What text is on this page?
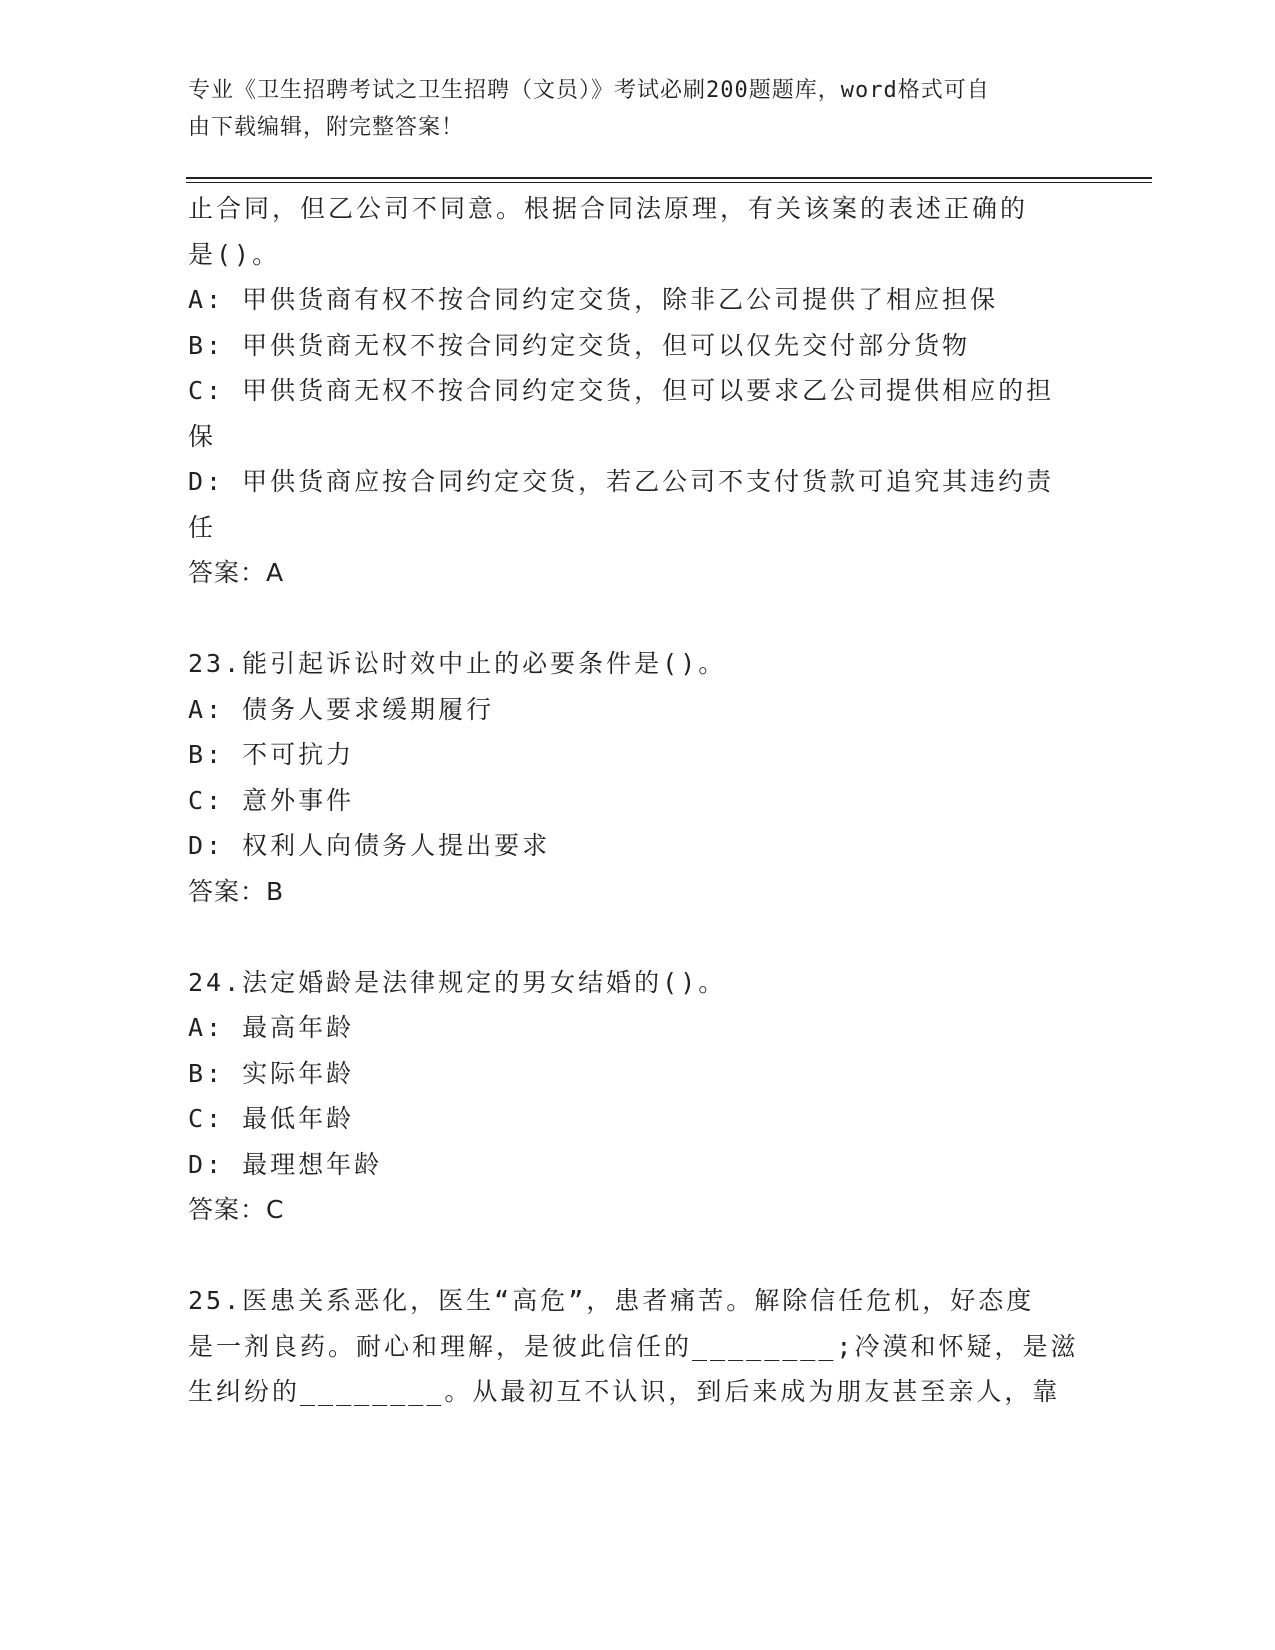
专业《卫生招聘考试之卫生招聘（文员）》考试必刷200题题库，word格式可自
由下载编辑，附完整答案！
止合同，但乙公司不同意。根据合同法原理，有关该案的表述正确的
是()。
A: 甲供货商有权不按合同约定交货，除非乙公司提供了相应担保
B: 甲供货商无权不按合同约定交货，但可以仅先交付部分货物
C: 甲供货商无权不按合同约定交货，但可以要求乙公司提供相应的担
保
D: 甲供货商应按合同约定交货，若乙公司不支付货款可追究其违约责
任
答案：A
23.能引起诉讼时效中止的必要条件是()。
A: 债务人要求缓期履行
B: 不可抗力
C: 意外事件
D: 权利人向债务人提出要求
答案：B
24.法定婚龄是法律规定的男女结婚的()。
A: 最高年龄
B: 实际年龄
C: 最低年龄
D: 最理想年龄
答案：C
25.医患关系恶化，医生“高危”，患者痛苦。解除信任危机，好态度
是一剂良药。耐心和理解，是彼此信任的________;冷漠和怀疑，是滋
生纠纷的________。从最初互不认识，到后来成为朋友甚至亲人，靠
